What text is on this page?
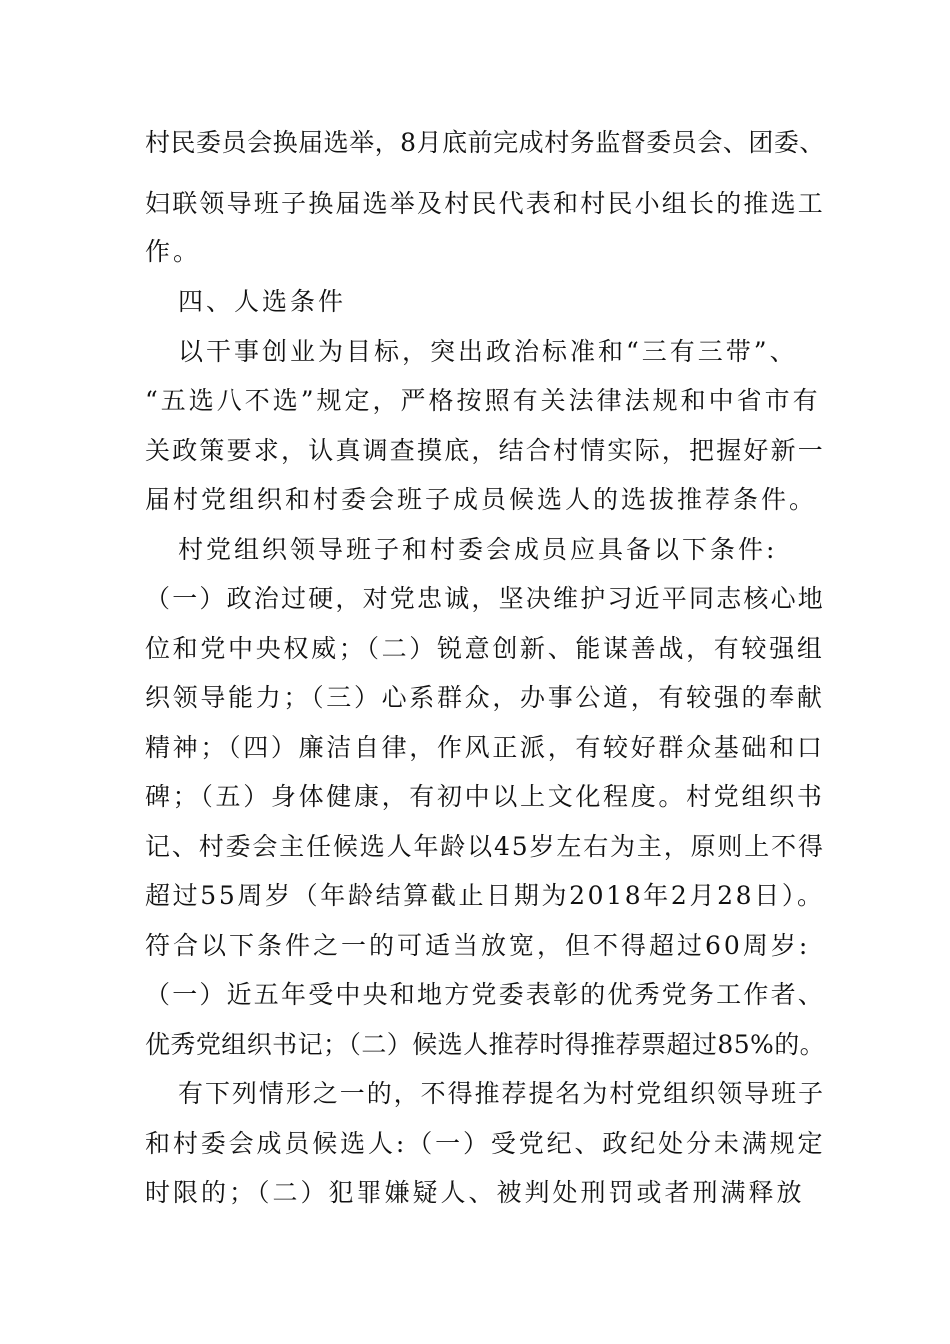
村民委员会换届选举，8月底前完成村务监督委员会、团委、
妇联领导班子换届选举及村民代表和村民小组长的推选工
作。
四、人选条件
以干事创业为目标，突出政治标准和“三有三带”、
“五选八不选”规定，严格按照有关法律法规和中省市有
关政策要求，认真调查摸底，结合村情实际，把握好新一
届村党组织和村委会班子成员候选人的选拔推荐条件。
村党组织领导班子和村委会成员应具备以下条件:
（一）政治过硬，对党忠诚，坚决维护习近平同志核心地
位和党中央权威；（二）锐意创新、能谋善战，有较强组
织领导能力；（三）心系群众，办事公道，有较强的奉献
精神；（四）廉洁自律，作风正派，有较好群众基础和口
碑；（五）身体健康，有初中以上文化程度。村党组织书
记、村委会主任候选人年龄以45岁左右为主，原则上不得
超过55周岁（年龄结算截止日期为2018年2月28日）。
符合以下条件之一的可适当放宽，但不得超过60周岁:
（一）近五年受中央和地方党委表彰的优秀党务工作者、
优秀党组织书记；（二）候选人推荐时得推荐票超过85%的。
有下列情形之一的，不得推荐提名为村党组织领导班子
和村委会成员候选人:（一）受党纪、政纪处分未满规定
时限的；（二）犯罪嫌疑人、被判处刑罚或者刑满释放
